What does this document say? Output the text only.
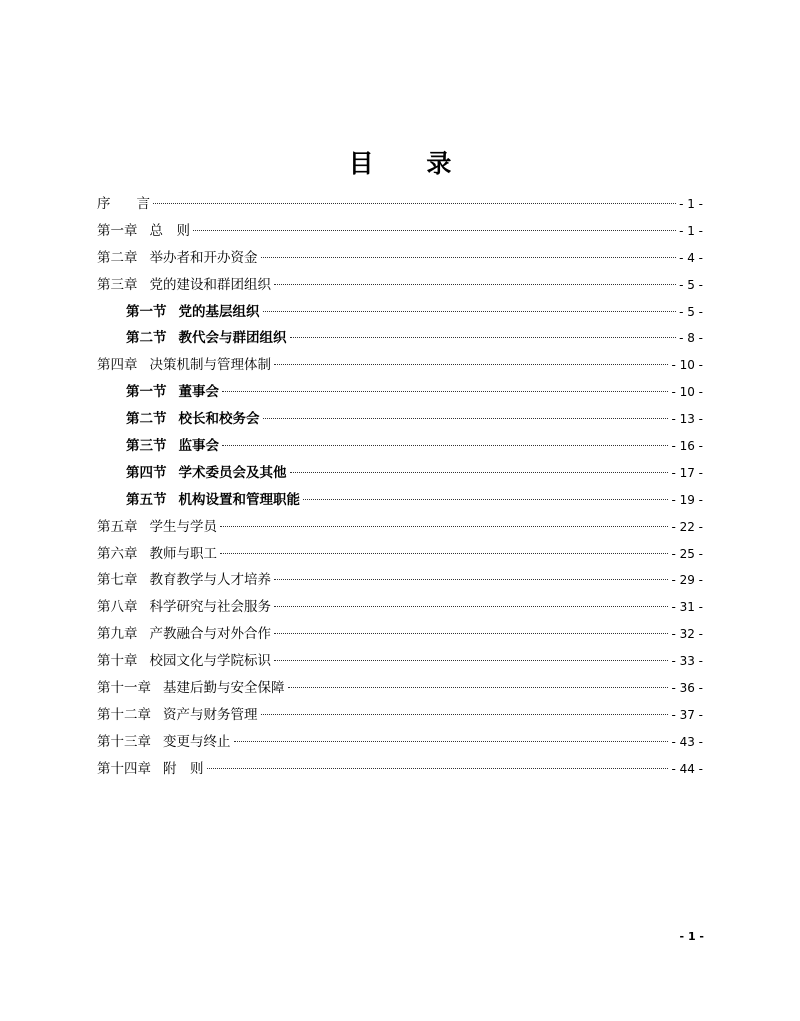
目 录
序 言	- 1 -
第一章 总　则	- 1 -
第二章 举办者和开办资金	- 4 -
第三章 党的建设和群团组织	- 5 -
第一节 党的基层组织	- 5 -
第二节 教代会与群团组织	- 8 -
第四章 决策机制与管理体制	- 10 -
第一节 董事会	- 10 -
第二节 校长和校务会	- 13 -
第三节 监事会	- 16 -
第四节 学术委员会及其他	- 17 -
第五节 机构设置和管理职能	- 19 -
第五章 学生与学员	- 22 -
第六章 教师与职工	- 25 -
第七章 教育教学与人才培养	- 29 -
第八章 科学研究与社会服务	- 31 -
第九章 产教融合与对外合作	- 32 -
第十章 校园文化与学院标识	- 33 -
第十一章 基建后勤与安全保障	- 36 -
第十二章 资产与财务管理	- 37 -
第十三章 变更与终止	- 43 -
第十四章 附　则	- 44 -
- 1 -
